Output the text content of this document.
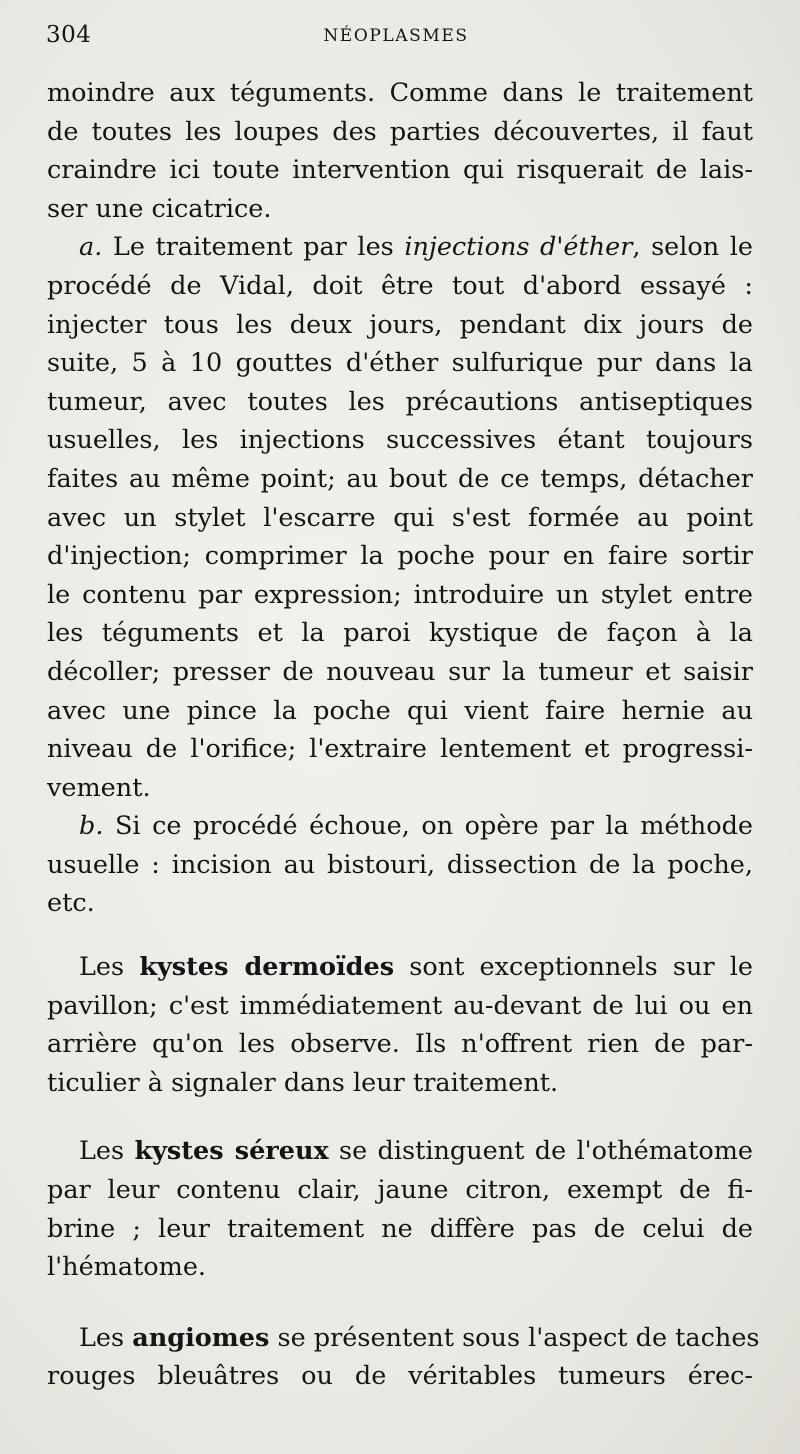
304	NÉOPLASMES
moindre aux téguments. Comme dans le traitement
de toutes les loupes des parties découvertes, il faut
craindre ici toute intervention qui risquerait de lais-
ser une cicatrice.
a. Le traitement par les injections d'éther, selon le
procédé de Vidal, doit être tout d'abord essayé :
injecter tous les deux jours, pendant dix jours de
suite, 5 à 10 gouttes d'éther sulfurique pur dans la
tumeur, avec toutes les précautions antiseptiques
usuelles, les injections successives étant toujours
faites au même point; au bout de ce temps, détacher
avec un stylet l'escarre qui s'est formée au point
d'injection; comprimer la poche pour en faire sortir
le contenu par expression; introduire un stylet entre
les téguments et la paroi kystique de façon à la
décoller; presser de nouveau sur la tumeur et saisir
avec une pince la poche qui vient faire hernie au
niveau de l'orifice; l'extraire lentement et progressi-
vement.
b. Si ce procédé échoue, on opère par la méthode
usuelle : incision au bistouri, dissection de la poche,
etc.
Les kystes dermoïdes sont exceptionnels sur le
pavillon; c'est immédiatement au-devant de lui ou en
arrière qu'on les observe. Ils n'offrent rien de par-
ticulier à signaler dans leur traitement.
Les kystes séreux se distinguent de l'othématome
par leur contenu clair, jaune citron, exempt de fi-
brine ; leur traitement ne diffère pas de celui de
l'hématome.
Les angiomes se présentent sous l'aspect de taches
rouges bleuâtres ou de véritables tumeurs érec-
